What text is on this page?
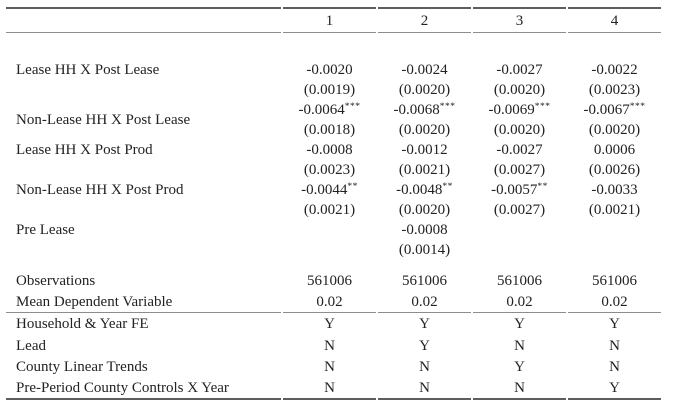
	1	2	3	4

Lease HH X Post Lease	-0.0020	-0.0024	-0.0027	-0.0022
	(0.0019)	(0.0020)	(0.0020)	(0.0023)
Non-Lease HH X Post Lease	-0.0064***	-0.0068***	-0.0069***	-0.0067***
	(0.0018)	(0.0020)	(0.0020)	(0.0020)
Lease HH X Post Prod	-0.0008	-0.0012	-0.0027	0.0006
	(0.0023)	(0.0021)	(0.0027)	(0.0026)
Non-Lease HH X Post Prod	-0.0044**	-0.0048**	-0.0057**	-0.0033
	(0.0021)	(0.0020)	(0.0027)	(0.0021)
Pre Lease		-0.0008		
		(0.0014)		

Observations	561006	561006	561006	561006
Mean Dependent Variable	0.02	0.02	0.02	0.02
Household & Year FE	Y	Y	Y	Y
Lead	N	Y	N	N
County Linear Trends	N	N	Y	N
Pre-Period County Controls X Year	N	N	N	Y
